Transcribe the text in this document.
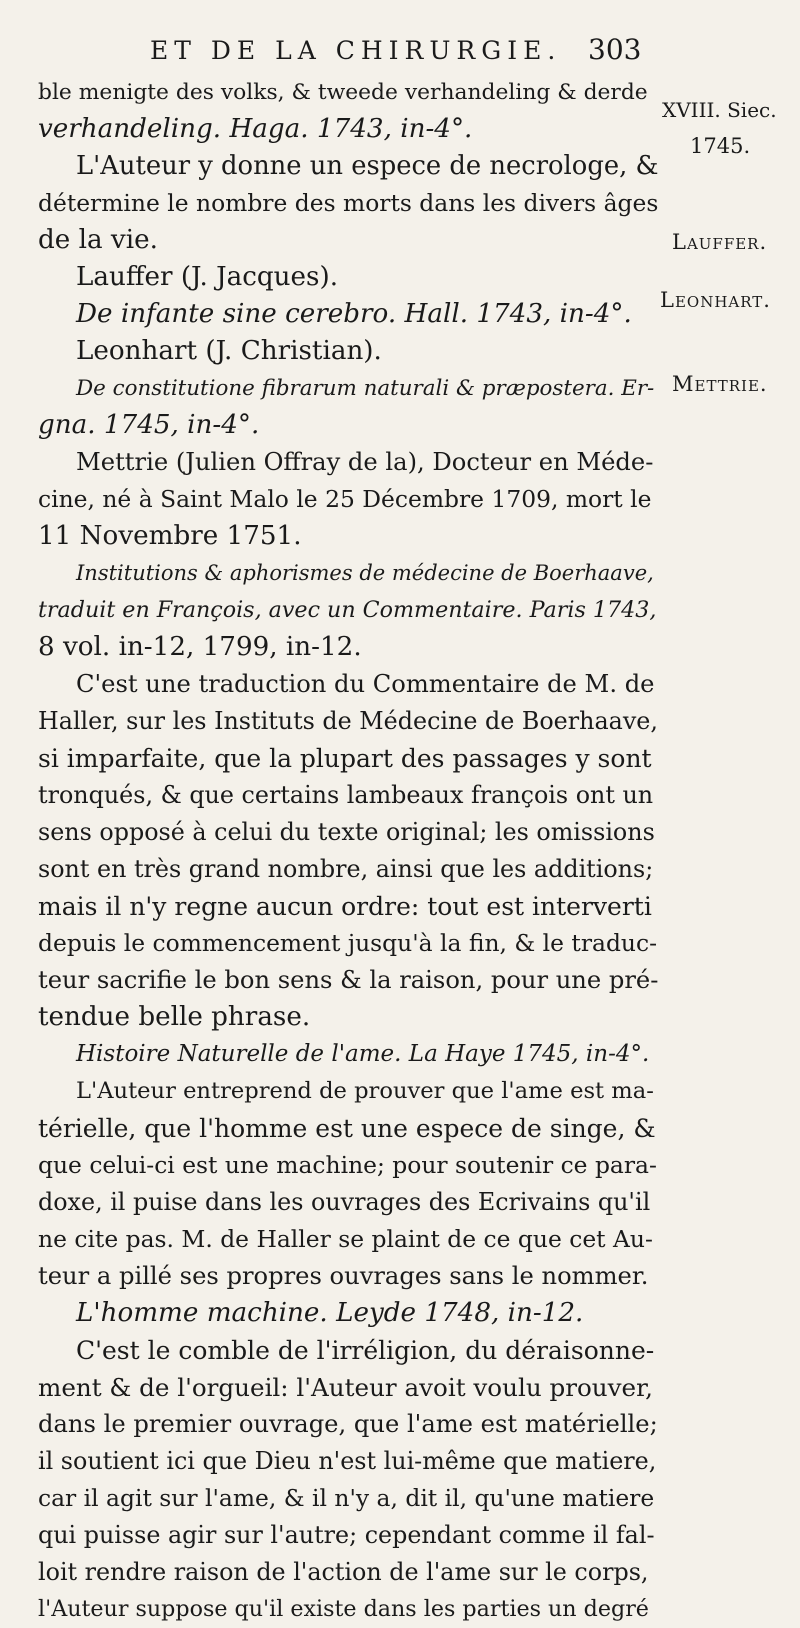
ET DE LA CHIRURGIE. 303
XVIII. Siec.
1745.
Lauffer.
Leonhart.
Mettrie.
ble menigte des volks, & tweede verhandeling & derde
verhandeling. Haga. 1743, in-4°.
L'Auteur y donne un espece de necrologe, &
détermine le nombre des morts dans les divers âges
de la vie.
Lauffer (J. Jacques).
De infante sine cerebro. Hall. 1743, in-4°.
Leonhart (J. Christian).
De constitutione fibrarum naturali & præpostera. Er-
gna. 1745, in-4°.
Mettrie (Julien Offray de la), Docteur en Méde-
cine, né à Saint Malo le 25 Décembre 1709, mort le
11 Novembre 1751.
Institutions & aphorismes de médecine de Boerhaave,
traduit en François, avec un Commentaire. Paris 1743,
8 vol. in-12, 1799, in-12.
C'est une traduction du Commentaire de M. de
Haller, sur les Instituts de Médecine de Boerhaave,
si imparfaite, que la plupart des passages y sont
tronqués, & que certains lambeaux françois ont un
sens opposé à celui du texte original; les omissions
sont en très grand nombre, ainsi que les additions;
mais il n'y regne aucun ordre: tout est interverti
depuis le commencement jusqu'à la fin, & le traduc-
teur sacrifie le bon sens & la raison, pour une pré-
tendue belle phrase.
Histoire Naturelle de l'ame. La Haye 1745, in-4°.
L'Auteur entreprend de prouver que l'ame est ma-
térielle, que l'homme est une espece de singe, &
que celui-ci est une machine; pour soutenir ce para-
doxe, il puise dans les ouvrages des Ecrivains qu'il
ne cite pas. M. de Haller se plaint de ce que cet Au-
teur a pillé ses propres ouvrages sans le nommer.
L'homme machine. Leyde 1748, in-12.
C'est le comble de l'irréligion, du déraisonne-
ment & de l'orgueil: l'Auteur avoit voulu prouver,
dans le premier ouvrage, que l'ame est matérielle;
il soutient ici que Dieu n'est lui-même que matiere,
car il agit sur l'ame, & il n'y a, dit il, qu'une matiere
qui puisse agir sur l'autre; cependant comme il fal-
loit rendre raison de l'action de l'ame sur le corps,
l'Auteur suppose qu'il existe dans les parties un degré
